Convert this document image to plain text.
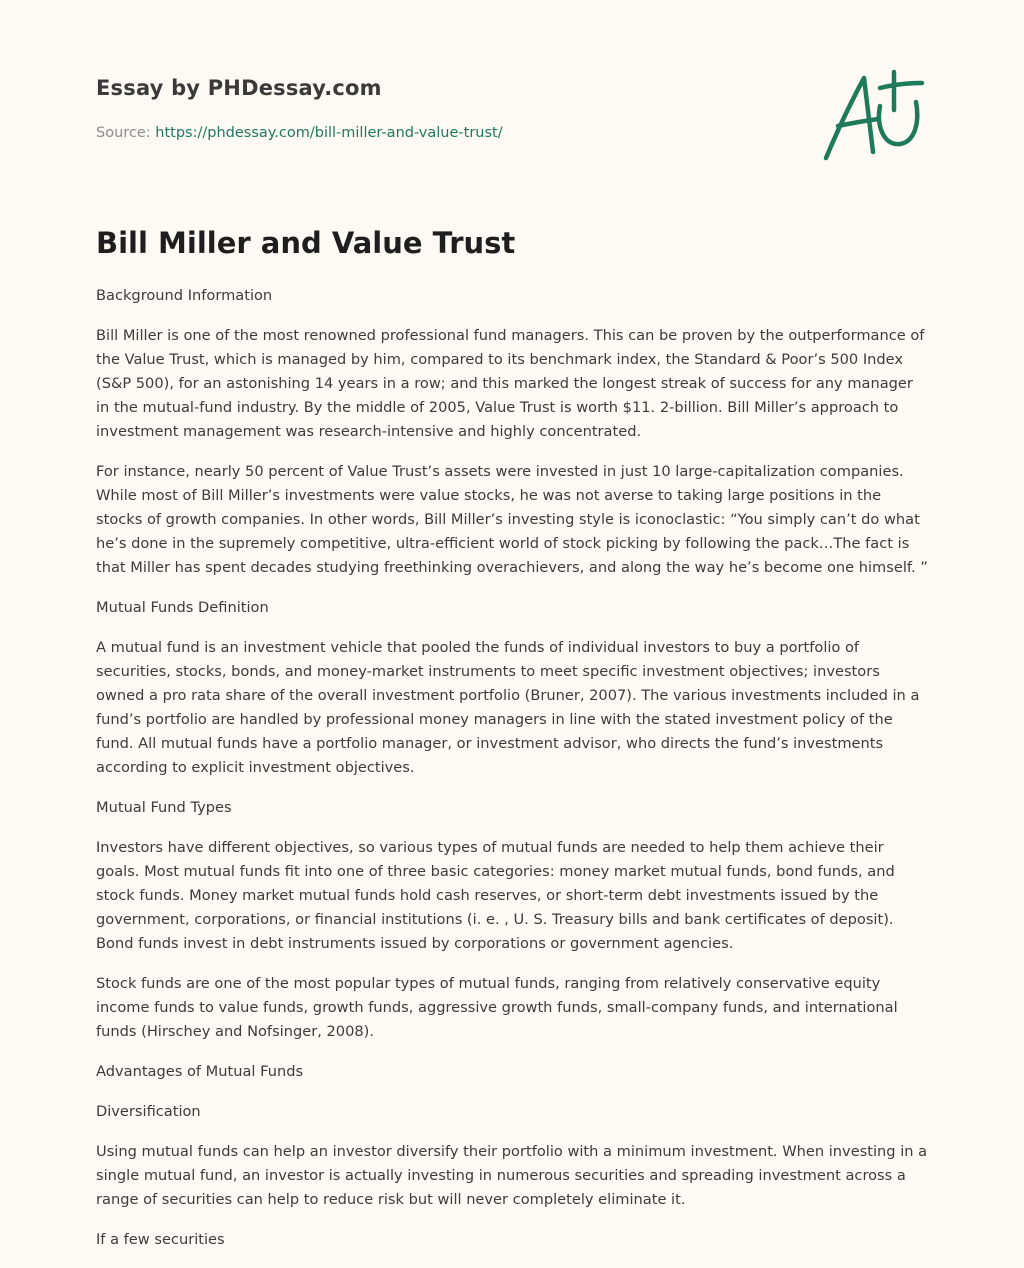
Essay by PHDessay.com
Source: https://phdessay.com/bill-miller-and-value-trust/
Bill Miller and Value Trust

Background Information

Bill Miller is one of the most renowned professional fund managers. This can be proven by the outperformance of the Value Trust, which is managed by him, compared to its benchmark index, the Standard & Poor’s 500 Index (S&P 500), for an astonishing 14 years in a row; and this marked the longest streak of success for any manager in the mutual-fund industry. By the middle of 2005, Value Trust is worth $11. 2-billion. Bill Miller’s approach to investment management was research-intensive and highly concentrated.

For instance, nearly 50 percent of Value Trust’s assets were invested in just 10 large-capitalization companies. While most of Bill Miller’s investments were value stocks, he was not averse to taking large positions in the stocks of growth companies. In other words, Bill Miller’s investing style is iconoclastic: “You simply can’t do what he’s done in the supremely competitive, ultra-efficient world of stock picking by following the pack…The fact is that Miller has spent decades studying freethinking overachievers, and along the way he’s become one himself. ”

Mutual Funds Definition

A mutual fund is an investment vehicle that pooled the funds of individual investors to buy a portfolio of securities, stocks, bonds, and money-market instruments to meet specific investment objectives; investors owned a pro rata share of the overall investment portfolio (Bruner, 2007). The various investments included in a fund’s portfolio are handled by professional money managers in line with the stated investment policy of the fund. All mutual funds have a portfolio manager, or investment advisor, who directs the fund’s investments according to explicit investment objectives.

Mutual Fund Types

Investors have different objectives, so various types of mutual funds are needed to help them achieve their goals. Most mutual funds fit into one of three basic categories: money market mutual funds, bond funds, and stock funds. Money market mutual funds hold cash reserves, or short-term debt investments issued by the government, corporations, or financial institutions (i. e. , U. S. Treasury bills and bank certificates of deposit). Bond funds invest in debt instruments issued by corporations or government agencies.

Stock funds are one of the most popular types of mutual funds, ranging from relatively conservative equity income funds to value funds, growth funds, aggressive growth funds, small-company funds, and international funds (Hirschey and Nofsinger, 2008).

Advantages of Mutual Funds

Diversification

Using mutual funds can help an investor diversify their portfolio with a minimum investment. When investing in a single mutual fund, an investor is actually investing in numerous securities and spreading investment across a range of securities can help to reduce risk but will never completely eliminate it.

If a few securities
